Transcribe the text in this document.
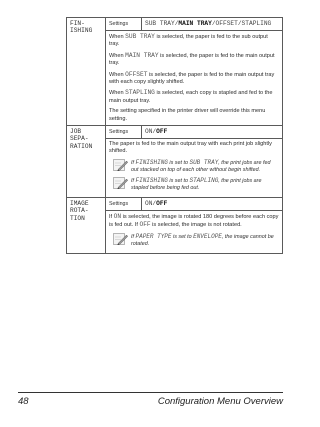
FIN-
ISHING	Settings	SUB TRAY/MAIN TRAY/OFFSET/STAPLING

	When SUB TRAY is selected, the paper is fed to the sub output tray.

When MAIN TRAY is selected, the paper is fed to the main output tray.

When OFFSET is selected, the paper is fed to the main output tray with each copy slightly shifted.

When STAPLING is selected, each copy is stapled and fed to the main output tray.

The setting specified in the printer driver will override this menu setting.	

JOB
SEPA-
RATION	Settings	ON/OFF

	The paper is fed to the main output tray with each print job slightly shifted.

If FINISHING is set to SUB TRAY, the print jobs are fed out stacked on top of each other without begin shifted.
If FINISHING is set to STAPLING, the print jobs are stapled before being fed out.	

IMAGE
ROTA-
TION	Settings	ON/OFF

	If ON is selected, the image is rotated 180 degrees before each copy is fed out. If OFF is selected, the image is not rotated.

If PAPER TYPE is set to ENVELOPE, the image cannot be rotated.	
48	Configuration Menu Overview
